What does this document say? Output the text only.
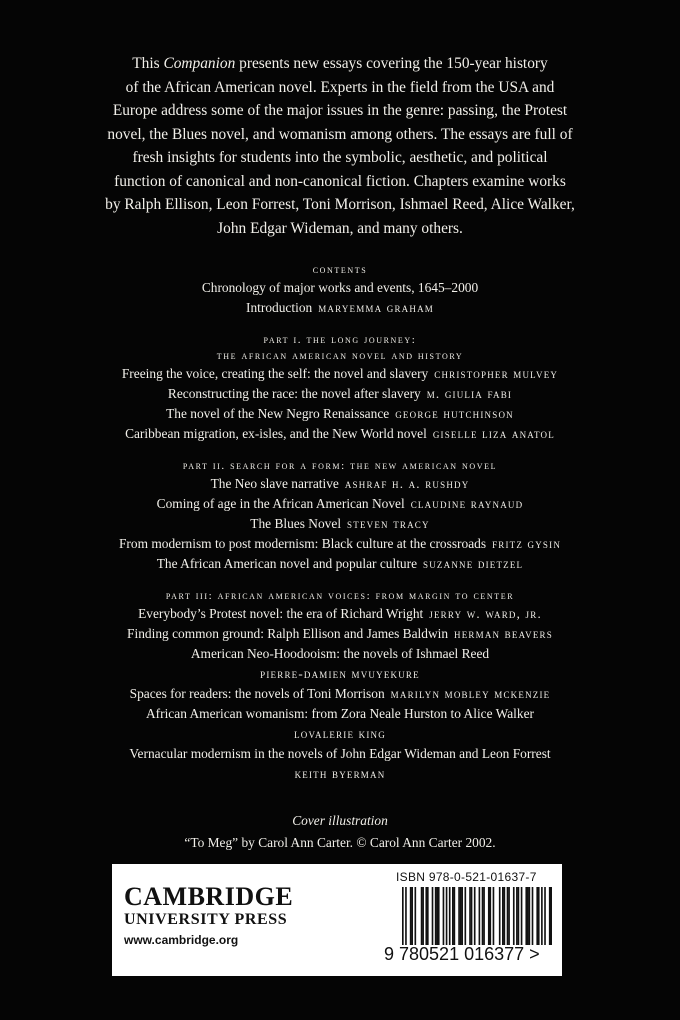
This Companion presents new essays covering the 150-year history
of the African American novel. Experts in the field from the USA and
Europe address some of the major issues in the genre: passing, the Protest
novel, the Blues novel, and womanism among others. The essays are full of
fresh insights for students into the symbolic, aesthetic, and political
function of canonical and non-canonical fiction. Chapters examine works
by Ralph Ellison, Leon Forrest, Toni Morrison, Ishmael Reed, Alice Walker,
John Edgar Wideman, and many others.
contents
Chronology of major works and events, 1645–2000
Introduction maryemma graham
part i. the long journey:
the african american novel and history
Freeing the voice, creating the self: the novel and slavery christopher mulvey
Reconstructing the race: the novel after slavery m. giulia fabi
The novel of the New Negro Renaissance george hutchinson
Caribbean migration, ex-isles, and the New World novel giselle liza anatol
part ii. search for a form: the new american novel
The Neo slave narrative ashraf h. a. rushdy
Coming of age in the African American Novel claudine raynaud
The Blues Novel steven tracy
From modernism to post modernism: Black culture at the crossroads fritz gysin
The African American novel and popular culture suzanne dietzel
part iii: african american voices: from margin to center
Everybody’s Protest novel: the era of Richard Wright jerry w. ward, jr.
Finding common ground: Ralph Ellison and James Baldwin herman beavers
American Neo-Hoodooism: the novels of Ishmael Reed
pierre-damien mvuyekure
Spaces for readers: the novels of Toni Morrison marilyn mobley mckenzie
African American womanism: from Zora Neale Hurston to Alice Walker
lovalerie king
Vernacular modernism in the novels of John Edgar Wideman and Leon Forrest
keith byerman
Cover illustration
“To Meg” by Carol Ann Carter. © Carol Ann Carter 2002.
CAMBRIDGE
UNIVERSITY PRESS
www.cambridge.org
ISBN 978-0-521-01637-7
9 780521 016377 >
